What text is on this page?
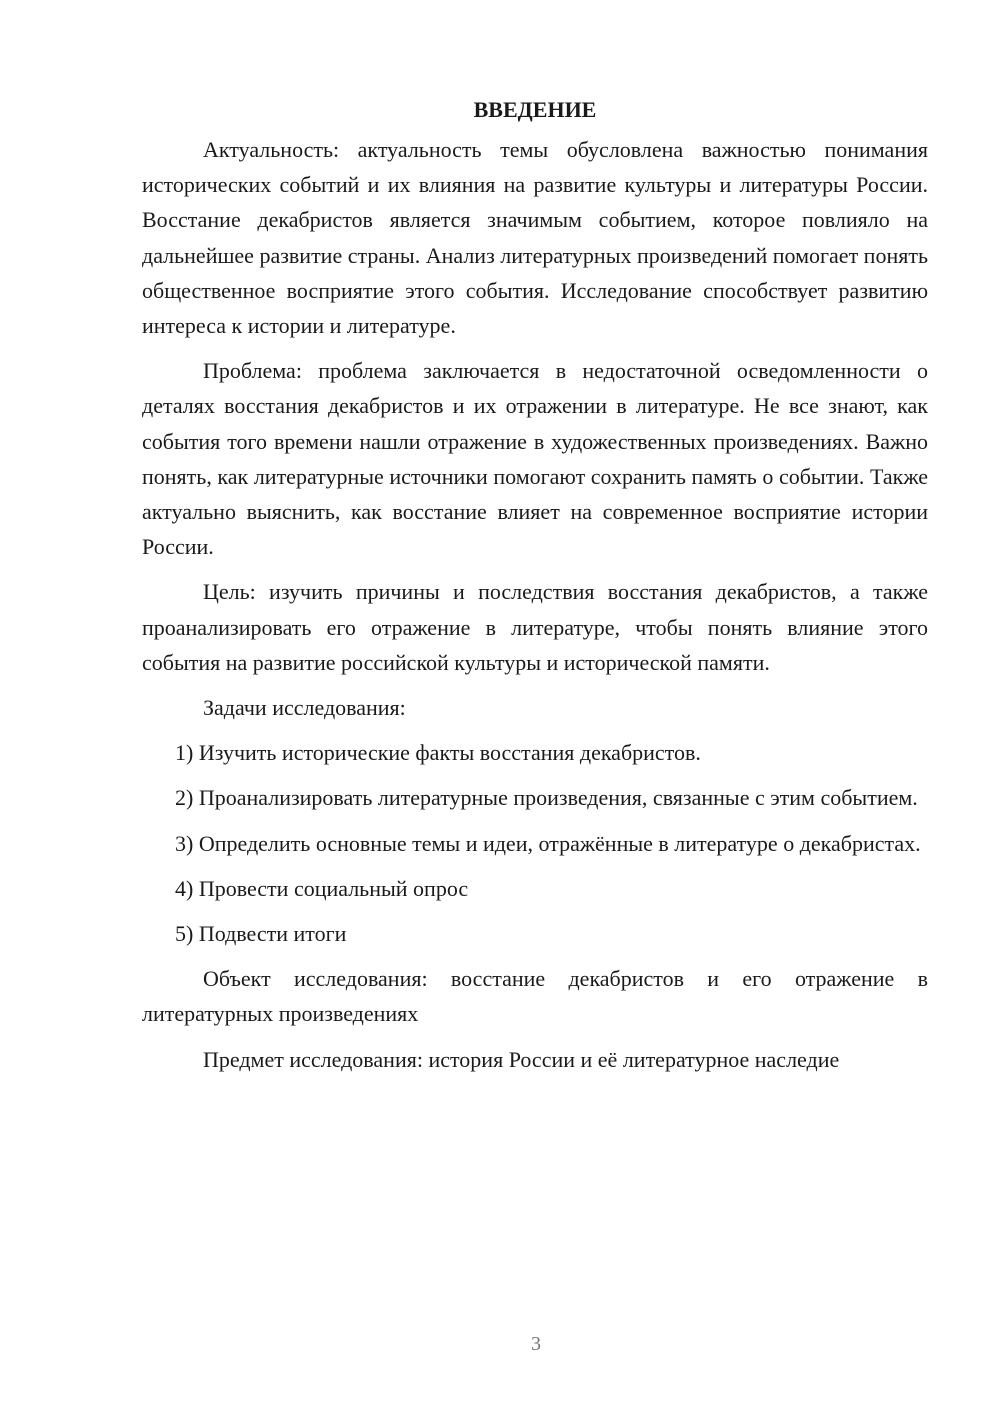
ВВЕДЕНИЕ

Актуальность: актуальность темы обусловлена важностью понимания исторических событий и их влияния на развитие культуры и литературы России. Восстание декабристов является значимым событием, которое повлияло на дальнейшее развитие страны. Анализ литературных произведений помогает понять общественное восприятие этого события. Исследование способствует развитию интереса к истории и литературе.

Проблема: проблема заключается в недостаточной осведомленности о деталях восстания декабристов и их отражении в литературе. Не все знают, как события того времени нашли отражение в художественных произведениях. Важно понять, как литературные источники помогают сохранить память о событии. Также актуально выяснить, как восстание влияет на современное восприятие истории России.

Цель: изучить причины и последствия восстания декабристов, а также проанализировать его отражение в литературе, чтобы понять влияние этого события на развитие российской культуры и исторической памяти.

Задачи исследования:

1) Изучить исторические факты восстания декабристов.

2) Проанализировать литературные произведения, связанные с этим событием.

3) Определить основные темы и идеи, отражённые в литературе о декабристах.

4) Провести социальный опрос

5) Подвести итоги

Объект исследования: восстание декабристов и его отражение в литературных произведениях

Предмет исследования: история России и её литературное наследие

3
